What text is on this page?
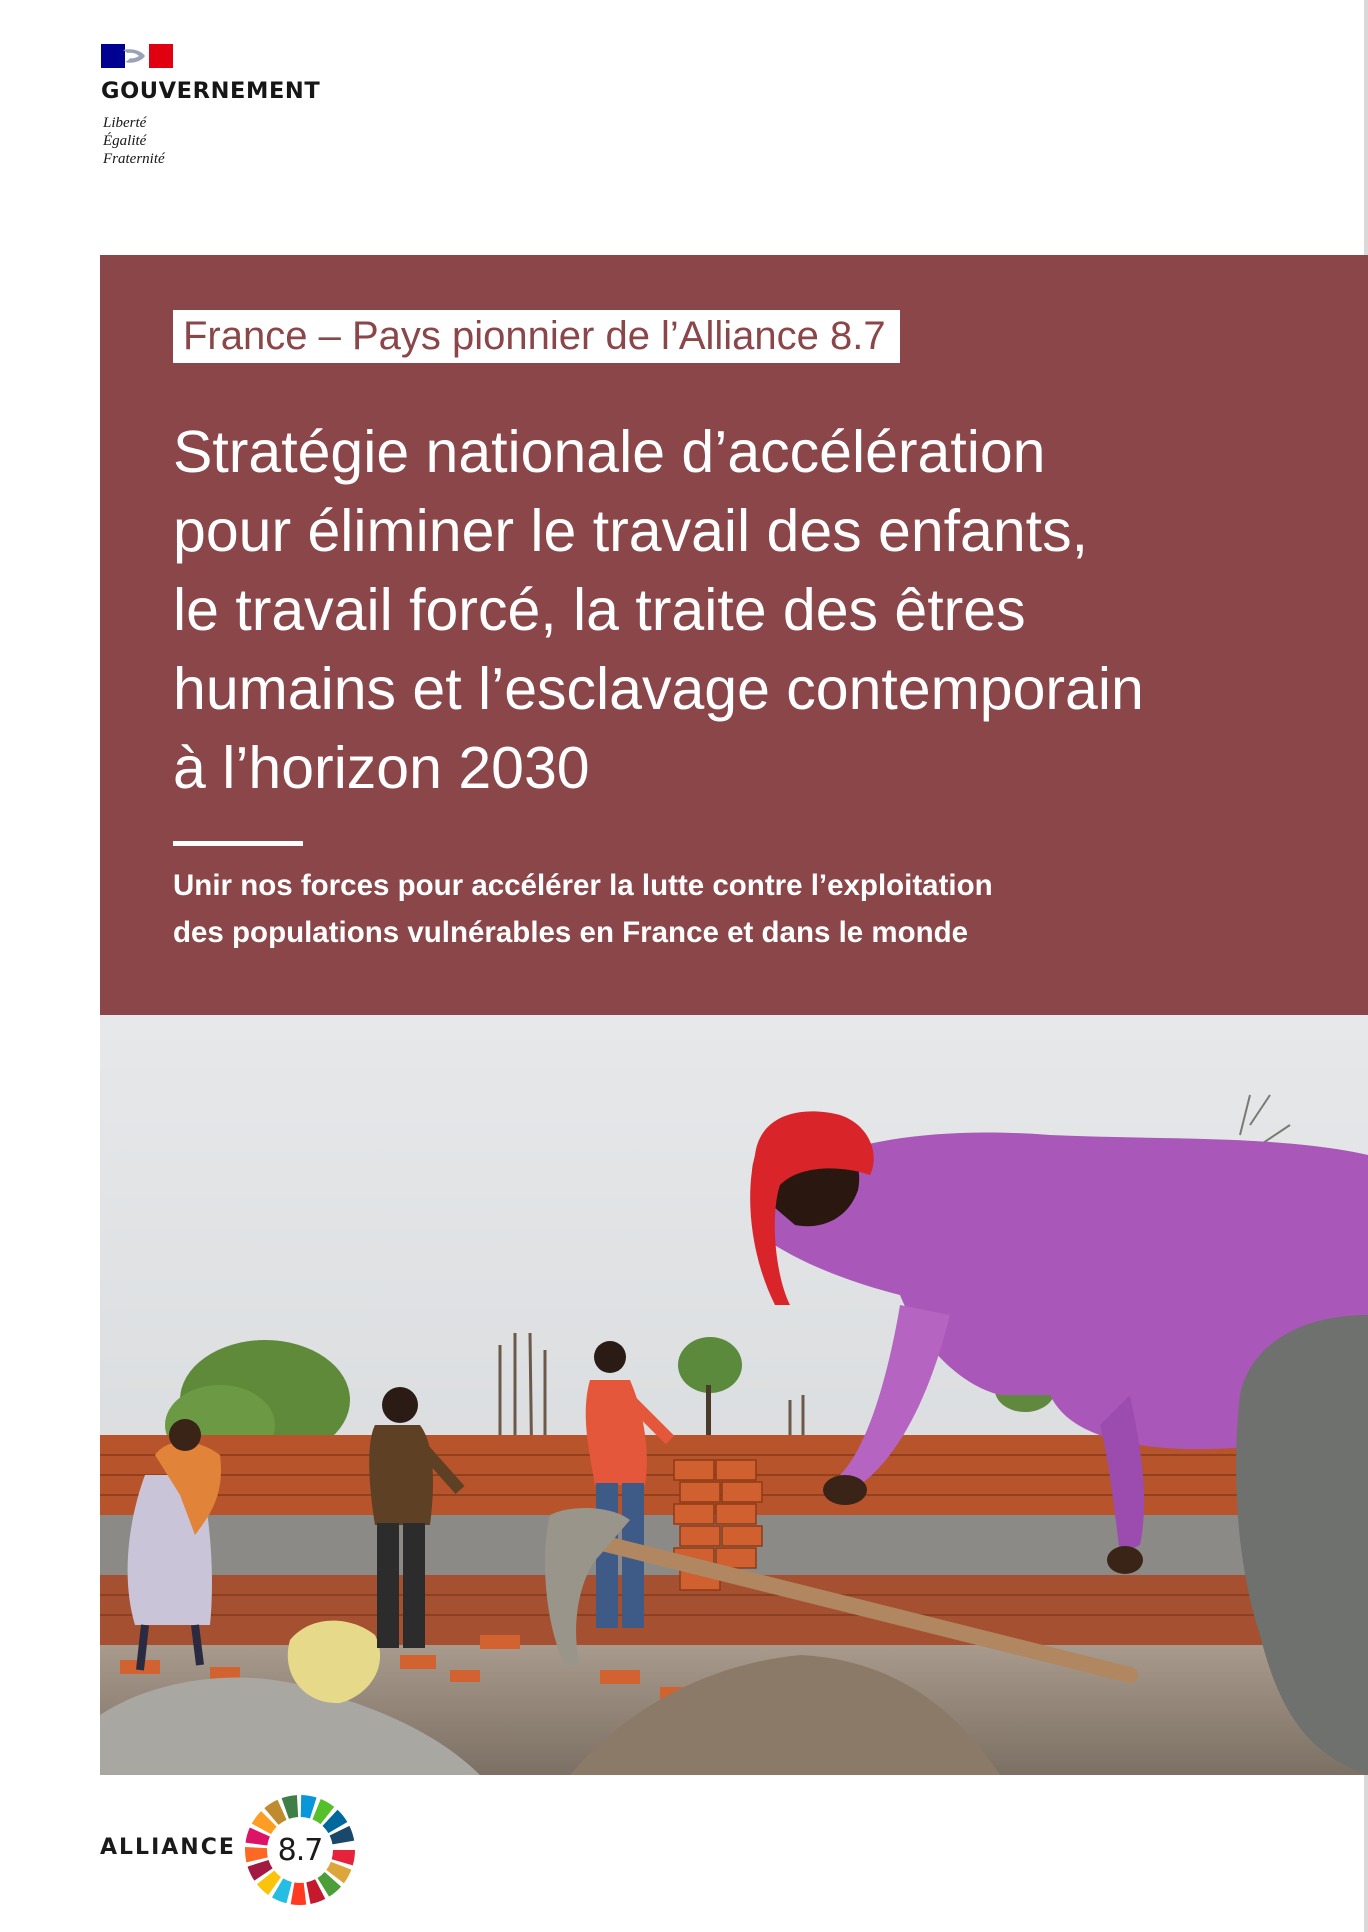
GOUVERNEMENT
Liberté
Égalité
Fraternité
France – Pays pionnier de l’Alliance 8.7
Stratégie nationale d’accélération
pour éliminer le travail des enfants,
le travail forcé, la traite des êtres
humains et l’esclavage contemporain
à l’horizon 2030
Unir nos forces pour accélérer la lutte contre l’exploitation
des populations vulnérables en France et dans le monde
ALLIANCE	8.7
